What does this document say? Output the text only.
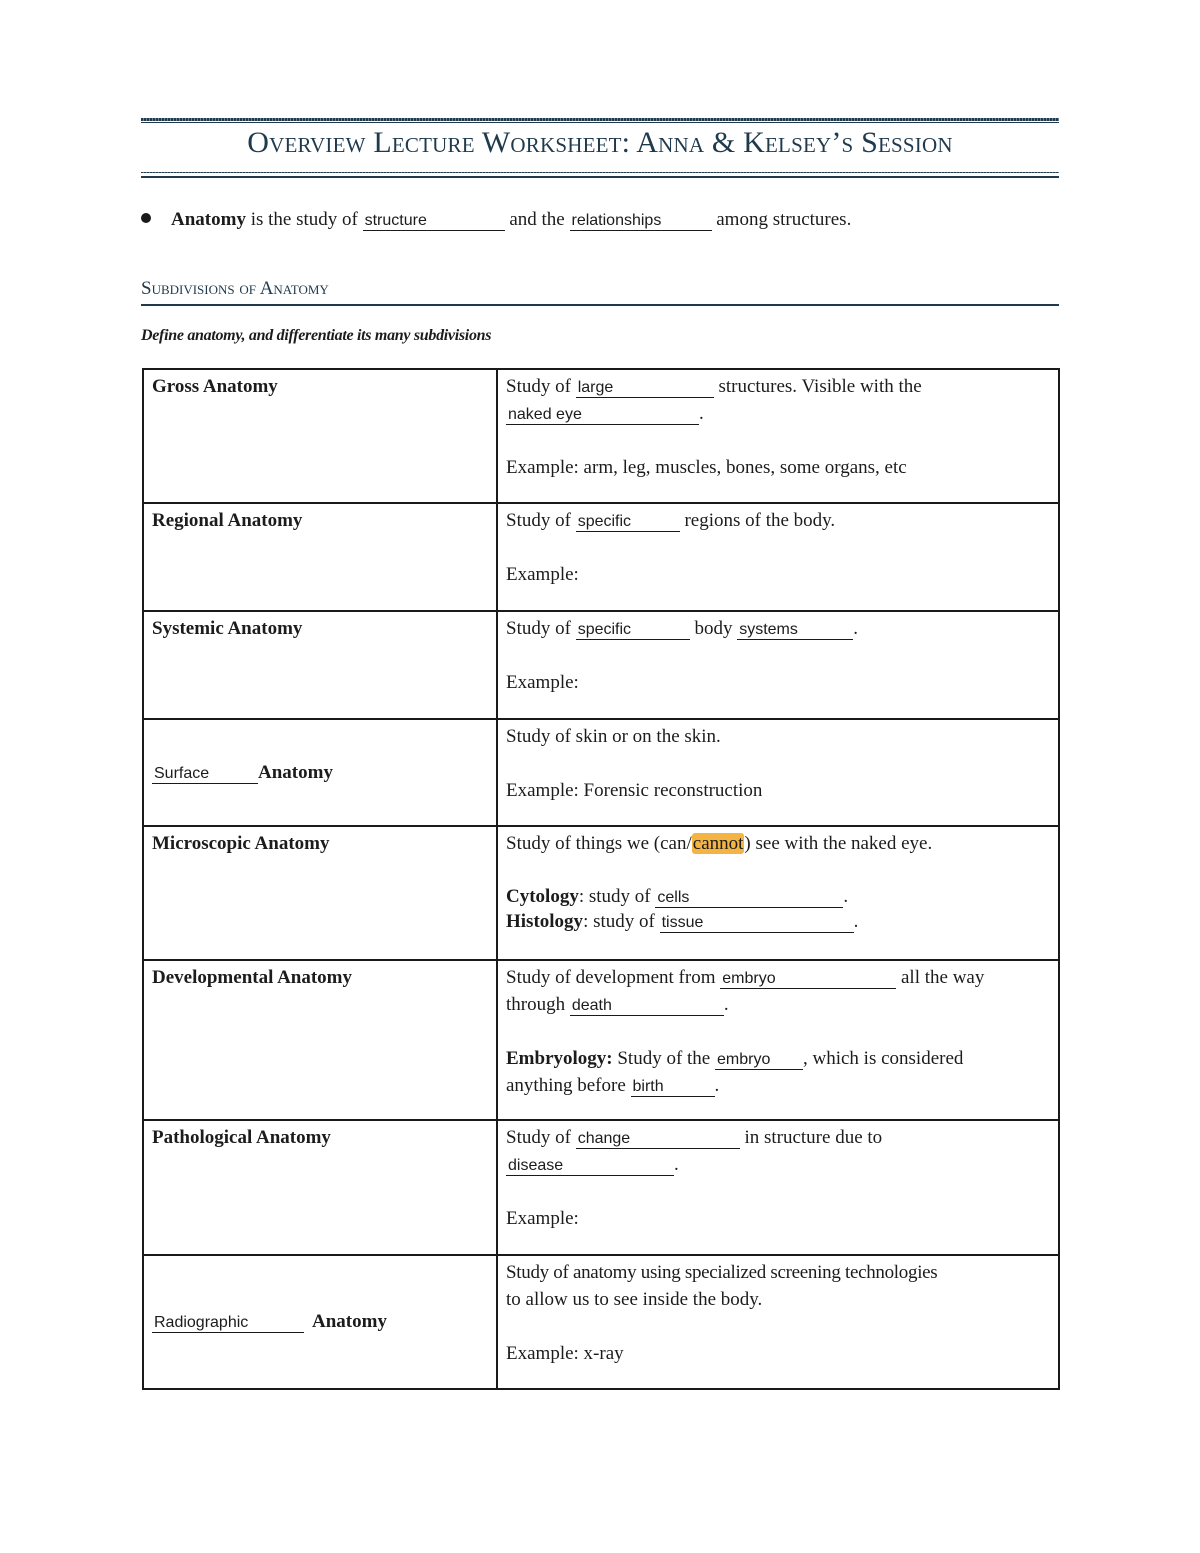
Overview Lecture Worksheet: Anna & Kelsey’s Session
Anatomy is the study of structure	and the relationships	among structures.
Subdivisions of Anatomy
Define anatomy, and differentiate its many subdivisions
Gross Anatomy	Study of large structures. Visible with the
naked eye .
Example: arm, leg, muscles, bones, some organs, etc

Regional Anatomy	Study of specific regions of the body.
Example:

Systemic Anatomy	Study of specific body systems .
Example:

Surface Anatomy	Study of skin or on the skin.
Example: Forensic reconstruction

Microscopic Anatomy	Study of things we (can/cannot) see with the naked eye.
Cytology: study of cells .
Histology: study of tissue .

Developmental Anatomy	Study of development from embryo all the way
through death .
Embryology: Study of the embryo , which is considered
anything before birth .

Pathological Anatomy	Study of change in structure due to
disease .
Example:

Radiographic Anatomy	Study of anatomy using specialized screening technologies
to allow us to see inside the body.
Example: x-ray
